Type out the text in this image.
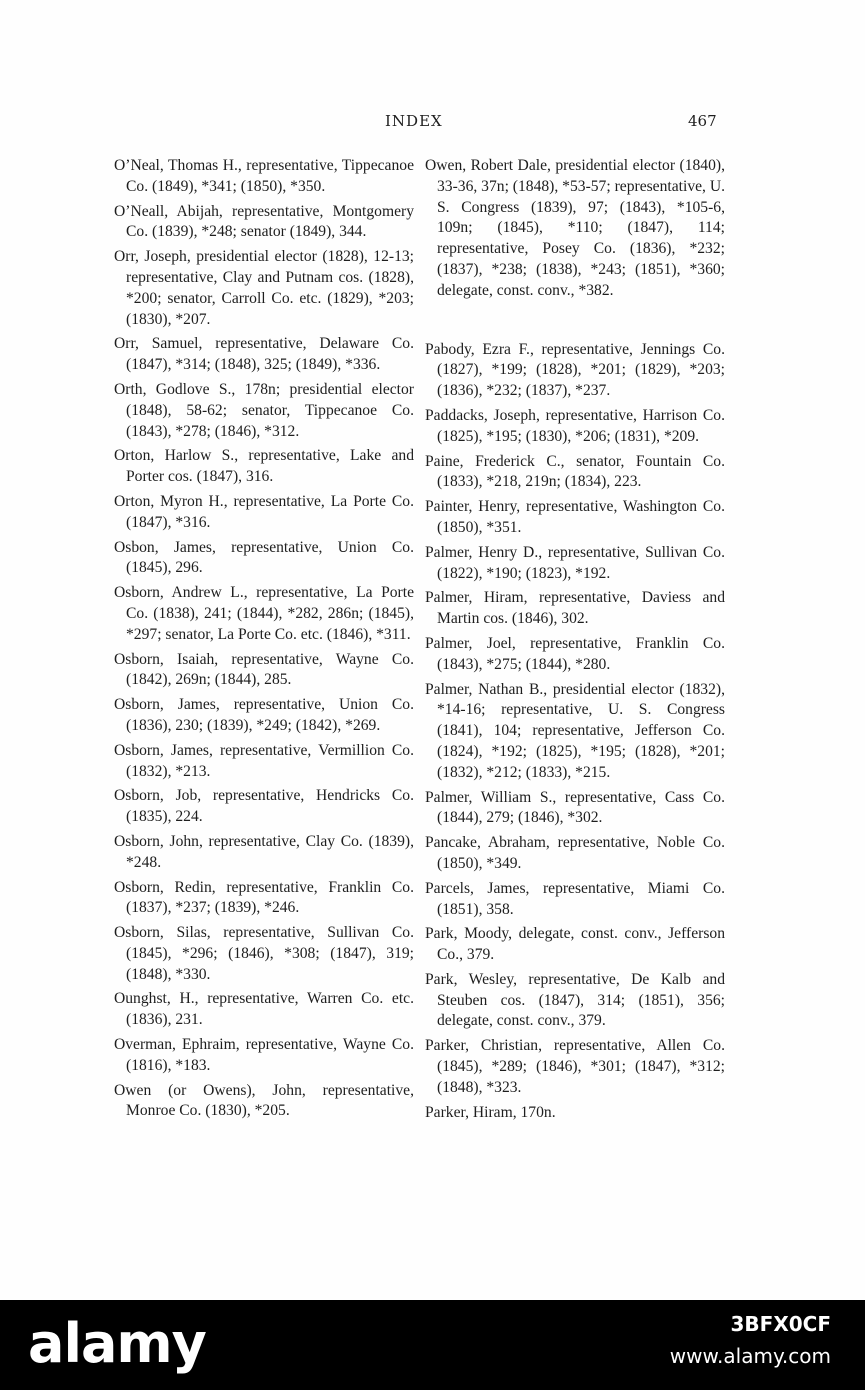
INDEX	467

O’Neal, Thomas H., representative, Tippecanoe Co. (1849), *341; (1850), *350.

O’Neall, Abijah, representative, Montgomery Co. (1839), *248; senator (1849), 344.

Orr, Joseph, presidential elector (1828), 12-13; representative, Clay and Putnam cos. (1828), *200; senator, Carroll Co. etc. (1829), *203; (1830), *207.

Orr, Samuel, representative, Delaware Co. (1847), *314; (1848), 325; (1849), *336.

Orth, Godlove S., 178n; presidential elector (1848), 58-62; senator, Tippecanoe Co. (1843), *278; (1846), *312.

Orton, Harlow S., representative, Lake and Porter cos. (1847), 316.

Orton, Myron H., representative, La Porte Co. (1847), *316.

Osbon, James, representative, Union Co. (1845), 296.

Osborn, Andrew L., representative, La Porte Co. (1838), 241; (1844), *282, 286n; (1845), *297; senator, La Porte Co. etc. (1846), *311.

Osborn, Isaiah, representative, Wayne Co. (1842), 269n; (1844), 285.

Osborn, James, representative, Union Co. (1836), 230; (1839), *249; (1842), *269.

Osborn, James, representative, Vermillion Co. (1832), *213.

Osborn, Job, representative, Hendricks Co. (1835), 224.

Osborn, John, representative, Clay Co. (1839), *248.

Osborn, Redin, representative, Franklin Co. (1837), *237; (1839), *246.

Osborn, Silas, representative, Sullivan Co. (1845), *296; (1846), *308; (1847), 319; (1848), *330.

Ounghst, H., representative, Warren Co. etc. (1836), 231.

Overman, Ephraim, representative, Wayne Co. (1816), *183.

Owen (or Owens), John, representative, Monroe Co. (1830), *205.

Owen, Robert Dale, presidential elector (1840), 33-36, 37n; (1848), *53-57; representative, U. S. Congress (1839), 97; (1843), *105-6, 109n; (1845), *110; (1847), 114; representative, Posey Co. (1836), *232; (1837), *238; (1838), *243; (1851), *360; delegate, const. conv., *382.

Pabody, Ezra F., representative, Jennings Co. (1827), *199; (1828), *201; (1829), *203; (1836), *232; (1837), *237.

Paddacks, Joseph, representative, Harrison Co. (1825), *195; (1830), *206; (1831), *209.

Paine, Frederick C., senator, Fountain Co. (1833), *218, 219n; (1834), 223.

Painter, Henry, representative, Washington Co. (1850), *351.

Palmer, Henry D., representative, Sullivan Co. (1822), *190; (1823), *192.

Palmer, Hiram, representative, Daviess and Martin cos. (1846), 302.

Palmer, Joel, representative, Franklin Co. (1843), *275; (1844), *280.

Palmer, Nathan B., presidential elector (1832), *14-16; representative, U. S. Congress (1841), 104; representative, Jefferson Co. (1824), *192; (1825), *195; (1828), *201; (1832), *212; (1833), *215.

Palmer, William S., representative, Cass Co. (1844), 279; (1846), *302.

Pancake, Abraham, representative, Noble Co. (1850), *349.

Parcels, James, representative, Miami Co. (1851), 358.

Park, Moody, delegate, const. conv., Jefferson Co., 379.

Park, Wesley, representative, De Kalb and Steuben cos. (1847), 314; (1851), 356; delegate, const. conv., 379.

Parker, Christian, representative, Allen Co. (1845), *289; (1846), *301; (1847), *312; (1848), *323.

Parker, Hiram, 170n.

alamy	3BFX0CF
www.alamy.com
